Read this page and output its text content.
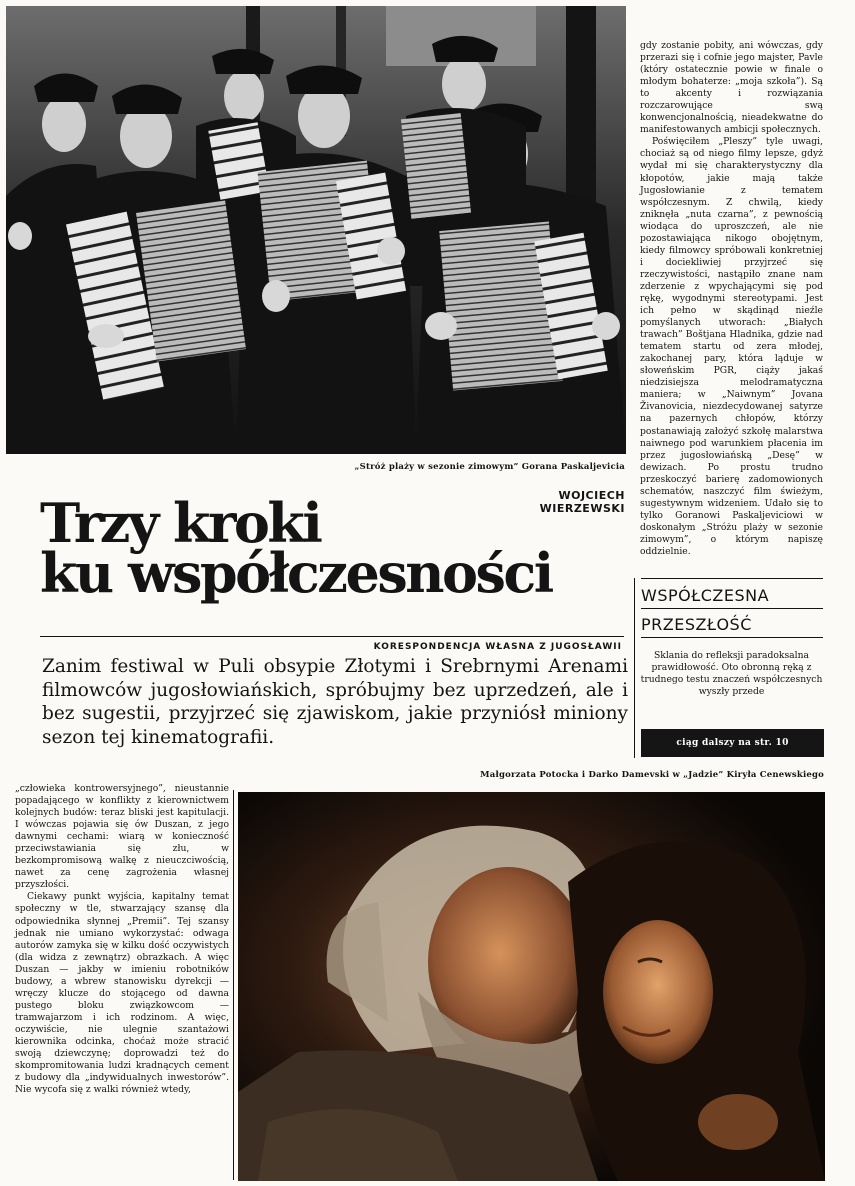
„Stróż plaży w sezonie zimowym” Gorana Paskaljevicia
WOJCIECH
WIERZEWSKI
Trzy kroki
ku współczesności
KORESPONDENCJA WŁASNA Z JUGOSŁAWII
Zanim festiwal w Puli obsypie Złotymi i Srebrnymi Arenami filmowców jugosłowiańskich, spróbujmy bez uprzedzeń, ale i bez sugestii, przyjrzeć się zjawiskom, jakie przyniósł miniony sezon tej kinematografii.

gdy zostanie pobity, ani wówczas, gdy przerazi się i cofnie jego majster, Pavle (który ostatecznie powie w finale o młodym bohaterze: „moja szkoła”). Są to akcenty i rozwiązania rozczarowujące swą konwencjonalnością, nieadekwatne do manifestowanych ambicji społecznych.

Poświęciłem „Pleszy” tyle uwagi, chociaż są od niego filmy lepsze, gdyż wydał mi się charakterystyczny dla kłopotów, jakie mają także Jugosłowianie z tematem współczesnym. Z chwilą, kiedy zniknęła „nuta czarna”, z pewnością wiodąca do uproszczeń, ale nie pozostawiająca nikogo obojętnym, kiedy filmowcy spróbowali konkretniej i dociekliwiej przyjrzeć się rzeczywistości, nastąpiło znane nam zderzenie z wpychającymi się pod rękę, wygodnymi stereotypami. Jest ich pełno w skądinąd nieźle pomyślanych utworach: „Białych trawach” Boštjana Hladnika, gdzie nad tematem startu od zera młodej, zakochanej pary, która ląduje w słoweńskim PGR, ciąży jakaś niedzisiejsza melodramatyczna maniera; w „Naiwnym” Jovana Živanovicia, niezdecydowanej satyrze na pazernych chłopów, którzy postanawiają założyć szkołę malarstwa naiwnego pod warunkiem płacenia im przez jugosłowiańską „Desę” w dewizach. Po prostu trudno przeskoczyć barierę zadomowionych schematów, naszczyć film świeżym, sugestywnym widzeniem. Udało się to tylko Goranowi Paskaljeviciowi w doskonałym „Stróżu plaży w sezonie zimowym”, o którym napiszę oddzielnie.

WSPÓŁCZESNA
PRZESZŁOŚĆ
Sklania do refleksji paradoksalna prawidłowość. Oto obronną ręką z trudnego testu znaczeń współczesnych wyszły przede
ciąg dalszy na str. 10
Małgorzata Potocka i Darko Damevski w „Jadzie” Kiryła Cenewskiego

„człowieka kontrowersyjnego”, nieustannie popadającego w konflikty z kierownictwem kolejnych budów: teraz bliski jest kapitulacji. I wówczas pojawia się ów Duszan, z jego dawnymi cechami: wiarą w konieczność przeciwstawiania się złu, w bezkompromisową walkę z nieuczciwością, nawet za cenę zagrożenia własnej przyszłości.

Ciekawy punkt wyjścia, kapitalny temat społeczny w tle, stwarzający szansę dla odpowiednika słynnej „Premii”. Tej szansy jednak nie umiano wykorzystać: odwaga autorów zamyka się w kilku dość oczywistych (dla widza z zewnątrz) obrazkach. A więc Duszan — jakby w imieniu robotników budowy, a wbrew stanowisku dyrekcji — wręczy klucze do stojącego od dawna pustego bloku związkowcom — tramwajarzom i ich rodzinom. A więc, oczywiście, nie ulegnie szantażowi kierownika odcinka, choćaż może stracić swoją dziewczynę; doprowadzi też do skompromitowania ludzi kradnących cement z budowy dla „indywidualnych inwestorów”. Nie wycofa się z walki również wtedy,
